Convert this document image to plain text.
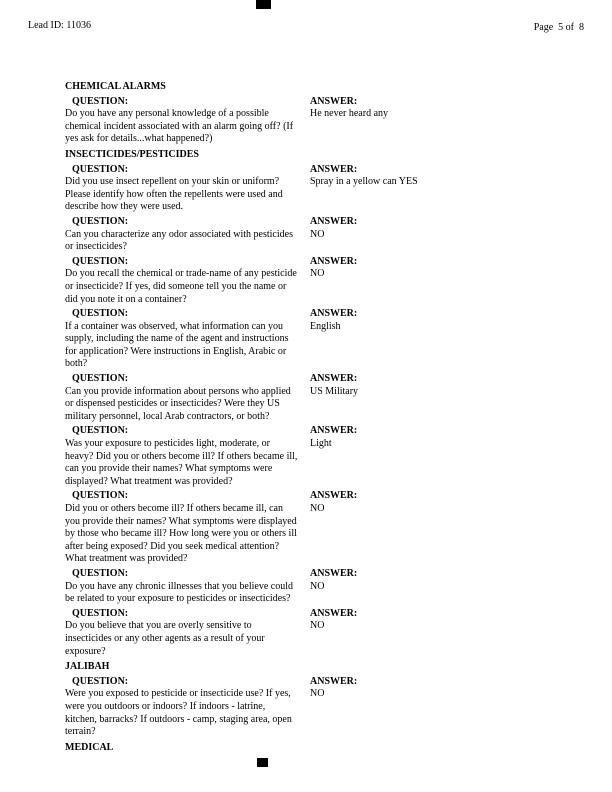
Lead ID: 11036	Page  5 of  8
CHEMICAL ALARMS
QUESTION:
Do you have any personal knowledge of a possible chemical incident associated with an alarm going off? (If yes ask for details...what happened?)
ANSWER:
He never heard any
INSECTICIDES/PESTICIDES
QUESTION:
Did you use insect repellent on your skin or uniform? Please identify how often the repellents were used and describe how they were used.
ANSWER:
Spray in a yellow can YES
QUESTION:
Can you characterize any odor associated with pesticides or insecticides?
ANSWER:
NO
QUESTION:
Do you recall the chemical or trade-name of any pesticide or insecticide? If yes, did someone tell you the name or did you note it on a container?
ANSWER:
NO
QUESTION:
If a container was observed, what information can you supply, including the name of the agent and instructions for application? Were instructions in English, Arabic or both?
ANSWER:
English
QUESTION:
Can you provide information about persons who applied or dispensed pesticides or insecticides? Were they US military personnel, local Arab contractors, or both?
ANSWER:
US Military
QUESTION:
Was your exposure to pesticides light, moderate, or heavy? Did you or others become ill? If others became ill, can you provide their names? What symptoms were displayed? What treatment was provided?
ANSWER:
Light
QUESTION:
Did you or others become ill? If others became ill, can you provide their names? What symptoms were displayed by those who became ill? How long were you or others ill after being exposed? Did you seek medical attention? What treatment was provided?
ANSWER:
NO
QUESTION:
Do you have any chronic illnesses that you believe could be related to your exposure to pesticides or insecticides?
ANSWER:
NO
QUESTION:
Do you believe that you are overly sensitive to insecticides or any other agents as a result of your exposure?
ANSWER:
NO
JALIBAH
QUESTION:
Were you exposed to pesticide or insecticide use? If yes, were you outdoors or indoors? If indoors - latrine, kitchen, barracks? If outdoors - camp, staging area, open terrain?
ANSWER:
NO
MEDICAL
